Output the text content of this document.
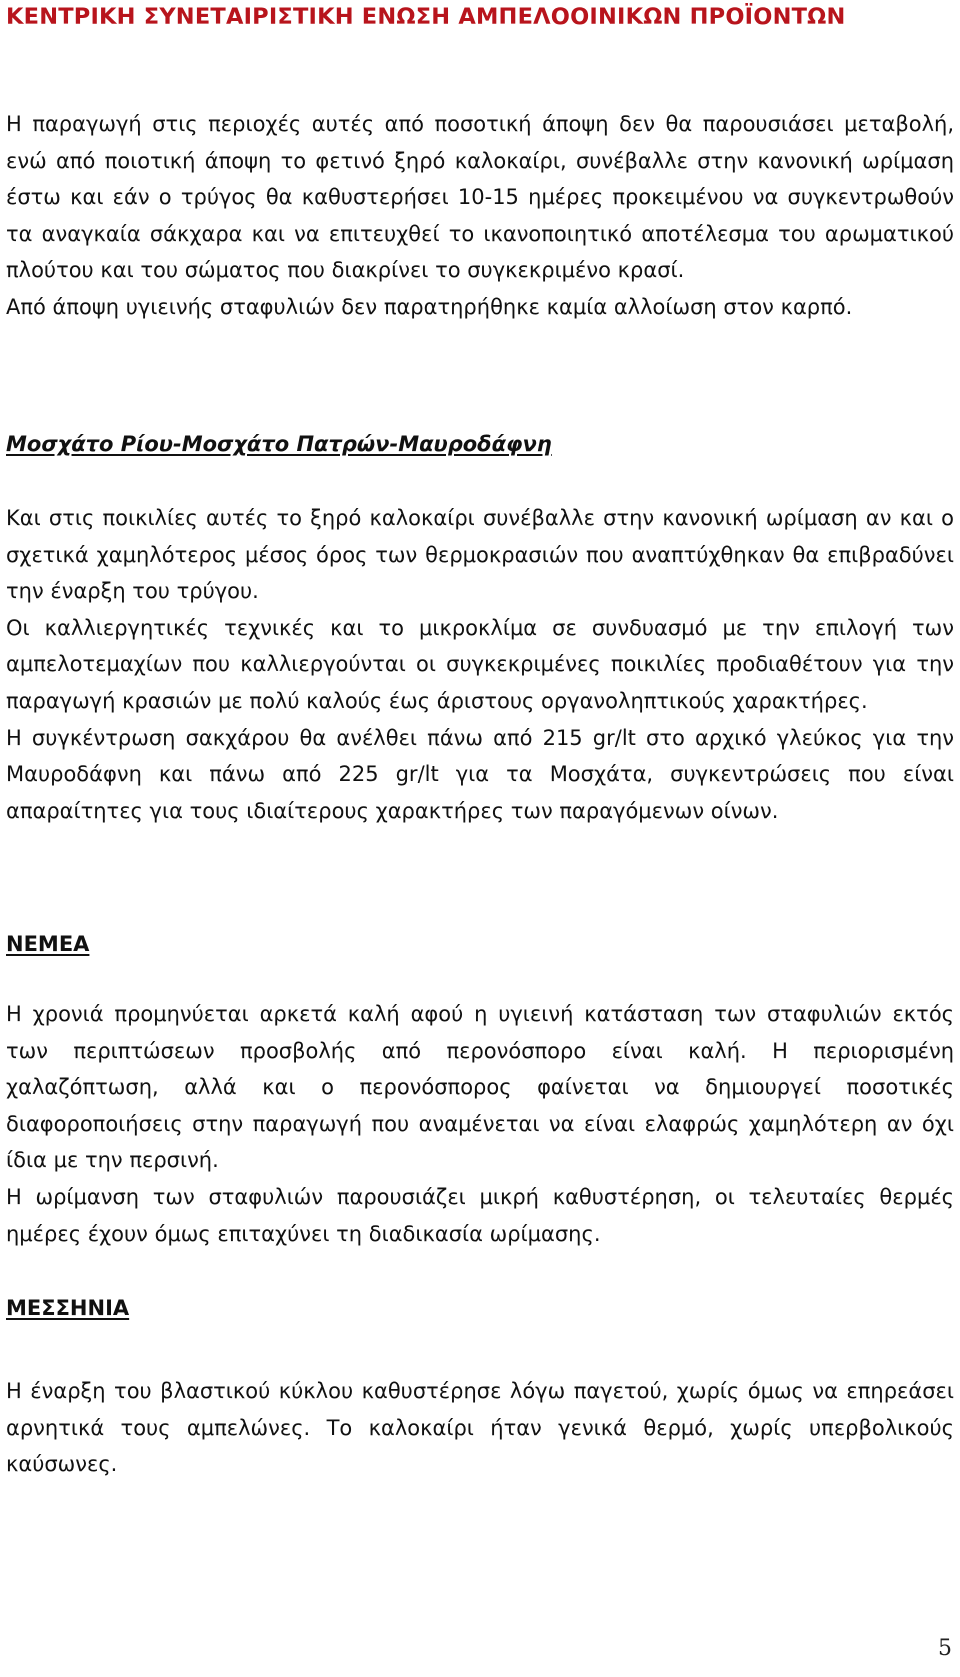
ΚΕΝΤΡΙΚΗ ΣΥΝΕΤΑΙΡΙΣΤΙΚΗ ΕΝΩΣΗ ΑΜΠΕΛΟΟΙΝΙΚΩΝ ΠΡΟΪΟΝΤΩΝ

Η παραγωγή στις περιοχές αυτές από ποσοτική άποψη δεν θα παρουσιάσει μεταβολή, ενώ από ποιοτική άποψη το φετινό ξηρό καλοκαίρι, συνέβαλλε στην κανονική ωρίμαση έστω και εάν ο τρύγος θα καθυστερήσει 10-15 ημέρες προκειμένου να συγκεντρωθούν τα αναγκαία σάκχαρα και να επιτευχθεί το ικανοποιητικό αποτέλεσμα του αρωματικού πλούτου και του σώματος που διακρίνει το συγκεκριμένο κρασί.

Από άποψη υγιεινής σταφυλιών δεν παρατηρήθηκε καμία αλλοίωση στον καρπό.

Μοσχάτο Ρίου-Μοσχάτο Πατρών-Μαυροδάφνη

Και στις ποικιλίες αυτές το ξηρό καλοκαίρι συνέβαλλε στην κανονική ωρίμαση αν και ο σχετικά χαμηλότερος μέσος όρος των θερμοκρασιών που αναπτύχθηκαν θα επιβραδύνει την έναρξη του τρύγου.

Οι καλλιεργητικές τεχνικές και το μικροκλίμα σε συνδυασμό με την επιλογή των αμπελοτεμαχίων που καλλιεργούνται οι συγκεκριμένες ποικιλίες προδιαθέτουν για την παραγωγή κρασιών με πολύ καλούς έως άριστους οργανοληπτικούς χαρακτήρες.

Η συγκέντρωση σακχάρου θα ανέλθει πάνω από 215 gr/lt στο αρχικό γλεύκος για την Μαυροδάφνη και πάνω από 225 gr/lt για τα Μοσχάτα, συγκεντρώσεις που είναι απαραίτητες για τους ιδιαίτερους χαρακτήρες των παραγόμενων οίνων.

ΝΕΜΕΑ

Η χρονιά προμηνύεται αρκετά καλή αφού η υγιεινή κατάσταση των σταφυλιών εκτός των περιπτώσεων προσβολής από περονόσπορο είναι καλή. Η περιορισμένη χαλαζόπτωση, αλλά και ο περονόσπορος φαίνεται να δημιουργεί ποσοτικές διαφοροποιήσεις στην παραγωγή που αναμένεται να είναι ελαφρώς χαμηλότερη αν όχι ίδια με την περσινή.

Η ωρίμανση των σταφυλιών παρουσιάζει μικρή καθυστέρηση, οι τελευταίες θερμές ημέρες έχουν όμως επιταχύνει τη διαδικασία ωρίμασης.

ΜΕΣΣΗΝΙΑ

Η έναρξη του βλαστικού κύκλου καθυστέρησε λόγω παγετού, χωρίς όμως να επηρεάσει αρνητικά τους αμπελώνες. Το καλοκαίρι ήταν γενικά θερμό, χωρίς υπερβολικούς καύσωνες.

5
